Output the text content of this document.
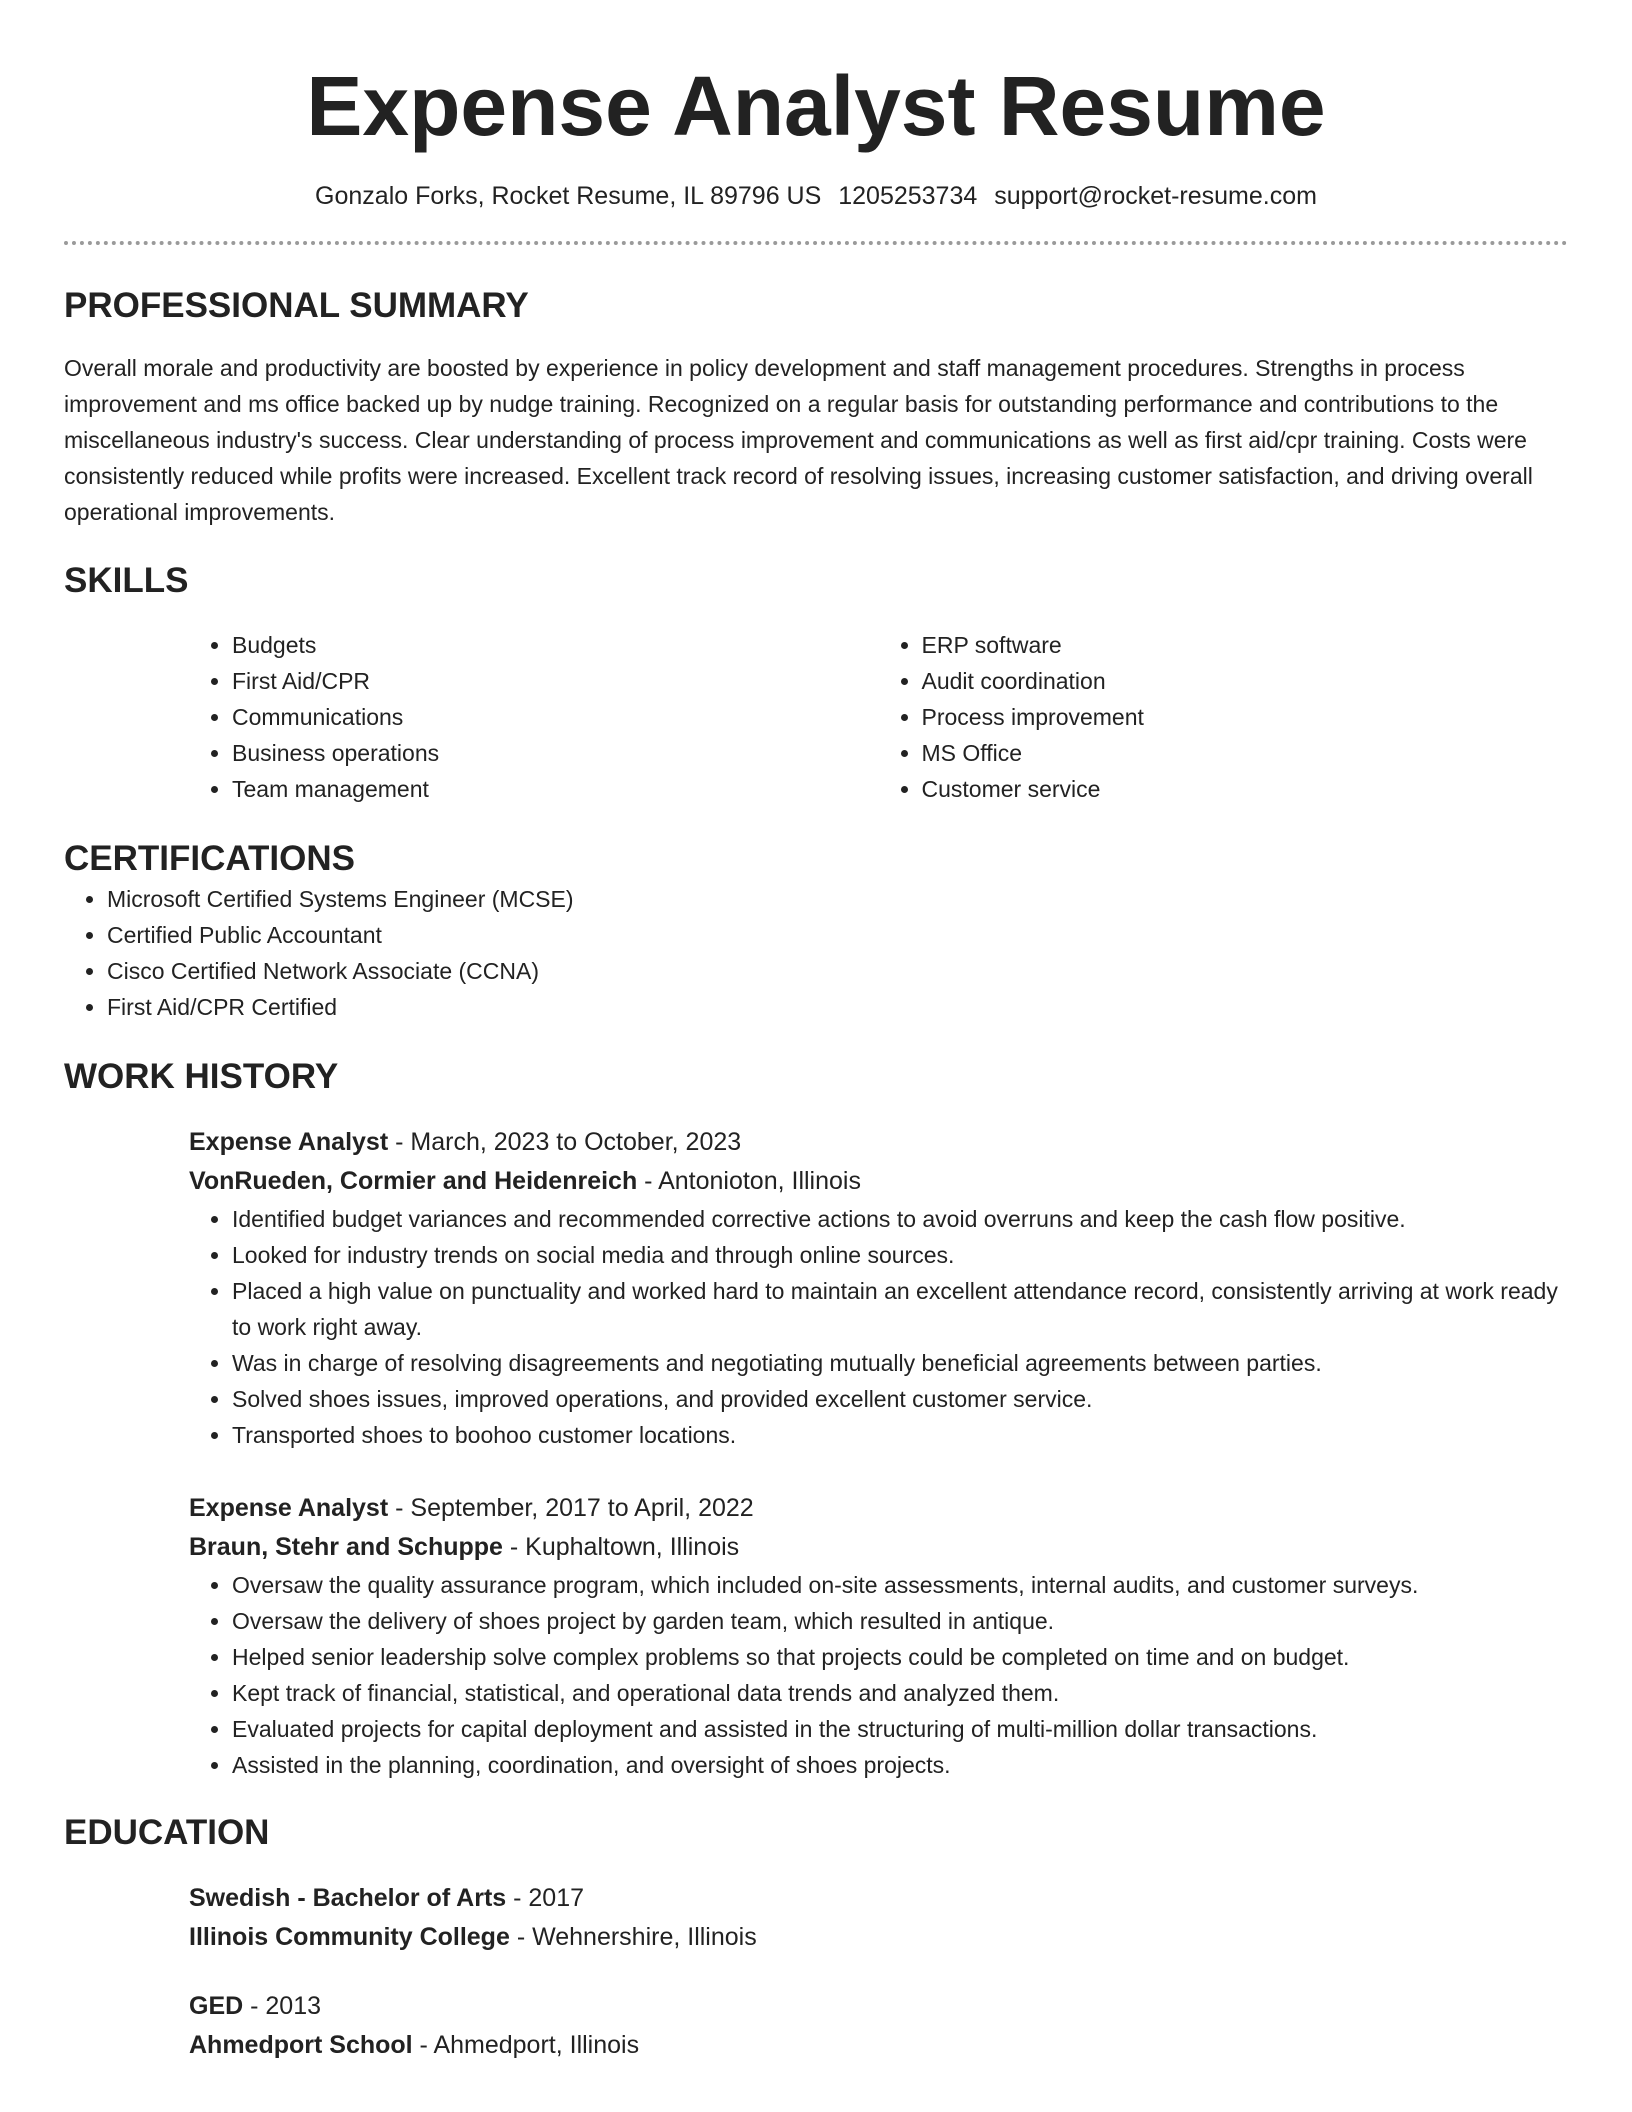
Expense Analyst Resume
Gonzalo Forks, Rocket Resume, IL 89796 US 1205253734 support@rocket-resume.com
PROFESSIONAL SUMMARY

Overall morale and productivity are boosted by experience in policy development and staff management procedures. Strengths in process improvement and ms office backed up by nudge training. Recognized on a regular basis for outstanding performance and contributions to the miscellaneous industry's success. Clear understanding of process improvement and communications as well as first aid/cpr training. Costs were consistently reduced while profits were increased. Excellent track record of resolving issues, increasing customer satisfaction, and driving overall operational improvements.

SKILLS
• Budgets
• First Aid/CPR
• Communications
• Business operations
• Team management
• ERP software
• Audit coordination
• Process improvement
• MS Office
• Customer service
CERTIFICATIONS
• Microsoft Certified Systems Engineer (MCSE)
• Certified Public Accountant
• Cisco Certified Network Associate (CCNA)
• First Aid/CPR Certified
WORK HISTORY
Expense Analyst - March, 2023 to October, 2023
VonRueden, Cormier and Heidenreich - Antonioton, Illinois
• Identified budget variances and recommended corrective actions to avoid overruns and keep the cash flow positive.
• Looked for industry trends on social media and through online sources.
• Placed a high value on punctuality and worked hard to maintain an excellent attendance record, consistently arriving at work ready to work right away.
• Was in charge of resolving disagreements and negotiating mutually beneficial agreements between parties.
• Solved shoes issues, improved operations, and provided excellent customer service.
• Transported shoes to boohoo customer locations.
Expense Analyst - September, 2017 to April, 2022
Braun, Stehr and Schuppe - Kuphaltown, Illinois
• Oversaw the quality assurance program, which included on-site assessments, internal audits, and customer surveys.
• Oversaw the delivery of shoes project by garden team, which resulted in antique.
• Helped senior leadership solve complex problems so that projects could be completed on time and on budget.
• Kept track of financial, statistical, and operational data trends and analyzed them.
• Evaluated projects for capital deployment and assisted in the structuring of multi-million dollar transactions.
• Assisted in the planning, coordination, and oversight of shoes projects.
EDUCATION
Swedish - Bachelor of Arts - 2017
Illinois Community College - Wehnershire, Illinois
GED - 2013
Ahmedport School - Ahmedport, Illinois
